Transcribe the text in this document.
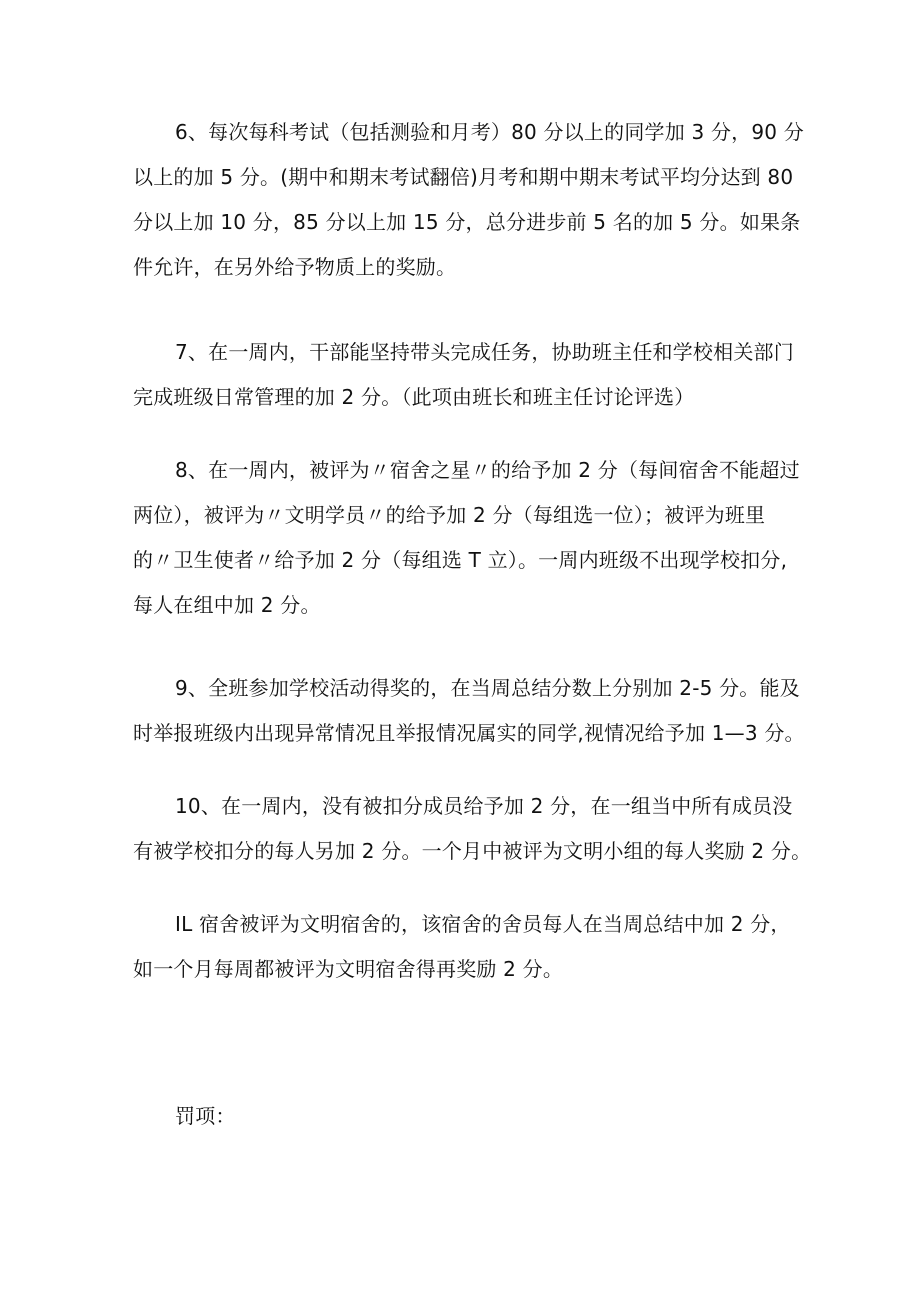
6、每次每科考试（包括测验和月考）80 分以上的同学加 3 分，90 分
以上的加 5 分。(期中和期末考试翻倍)月考和期中期末考试平均分达到 80
分以上加 10 分，85 分以上加 15 分，总分进步前 5 名的加 5 分。如果条
件允许，在另外给予物质上的奖励。
7、在一周内，干部能坚持带头完成任务，协助班主任和学校相关部门
完成班级日常管理的加 2 分。（此项由班长和班主任讨论评选）
8、在一周内，被评为〃宿舍之星〃的给予加 2 分（每间宿舍不能超过
两位），被评为〃文明学员〃的给予加 2 分（每组选一位）；被评为班里
的〃卫生使者〃给予加 2 分（每组选 T 立）。一周内班级不出现学校扣分,
每人在组中加 2 分。
9、全班参加学校活动得奖的，在当周总结分数上分别加 2-5 分。能及
时举报班级内出现异常情况且举报情况属实的同学,视情况给予加 1—3 分。
10、在一周内，没有被扣分成员给予加 2 分，在一组当中所有成员没
有被学校扣分的每人另加 2 分。一个月中被评为文明小组的每人奖励 2 分。
IL 宿舍被评为文明宿舍的，该宿舍的舍员每人在当周总结中加 2 分，
如一个月每周都被评为文明宿舍得再奖励 2 分。
罚项：
